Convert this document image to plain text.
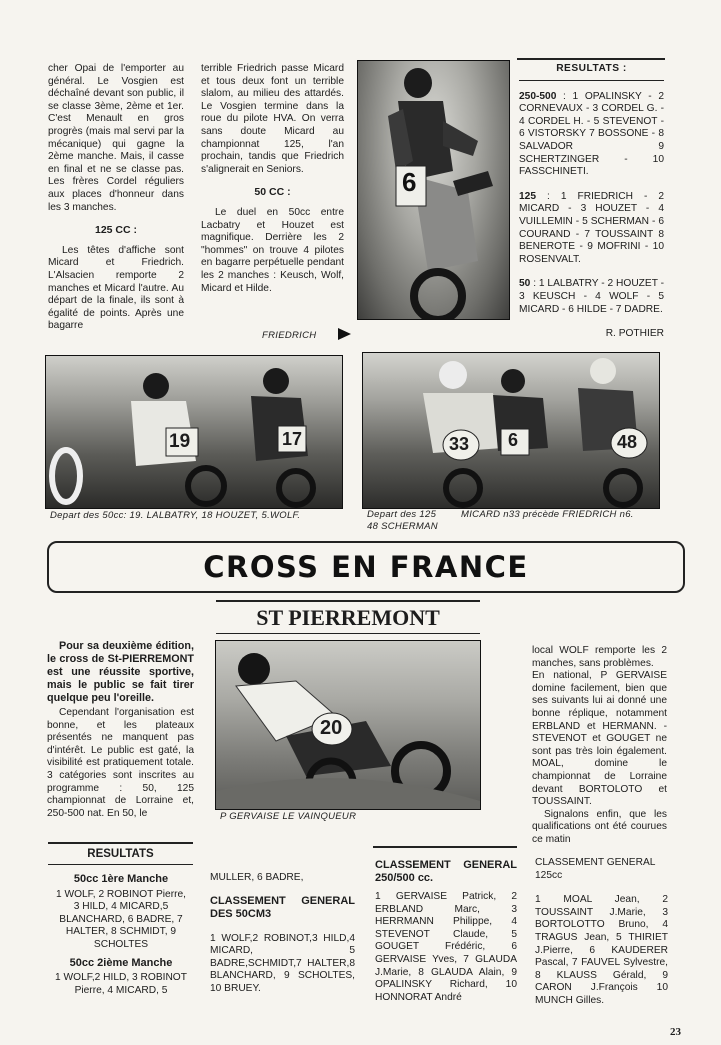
cher Opai de l'emporter au général. Le Vosgien est déchaîné devant son public, il se classe 3ème, 2ème et 1er. C'est Menault en gros progrès (mais mal servi par la mécanique) qui gagne la 2ème manche. Mais, il casse en final et ne se classe pas. Les frères Cordel réguliers aux places d'honneur dans les 3 manches.

125 CC :

Les têtes d'affiche sont Micard et Friedrich. L'Alsacien remporte 2 manches et Micard l'autre. Au départ de la finale, ils sont à égalité de points. Après une bagarre

terrible Friedrich passe Micard et tous deux font un terrible slalom, au milieu des attardés. Le Vosgien termine dans la roue du pilote HVA. On verra sans doute Micard au championnat 125, l'an prochain, tandis que Friedrich s'alignerait en Seniors.

50 CC :

Le duel en 50cc entre Lacbatry et Houzet est magnifique. Derrière les 2 "hommes" on trouve 4 pilotes en bagarre perpétuelle pendant les 2 manches : Keusch, Wolf, Micard et Hilde.

6
FRIEDRICH
RESULTATS :

250-500 : 1 OPALINSKY - 2 CORNEVAUX - 3 CORDEL G. - 4 CORDEL H. - 5 STEVENOT - 6 VISTORSKY 7 BOSSONE - 8 SALVADOR 9 SCHERTZINGER - 10 FASSCHINETI.

125 : 1 FRIEDRICH - 2 MICARD - 3 HOUZET - 4 VUILLEMIN - 5 SCHERMAN - 6 COURAND - 7 TOUSSAINT 8 BENEROTE - 9 MOFRINI - 10 ROSENVALT.

50 : 1 LALBATRY - 2 HOUZET - 3 KEUSCH - 4 WOLF - 5 MICARD - 6 HILDE - 7 DADRE.

R. POTHIER
19	17	33 6	48
Depart des 50cc: 19. LALBATRY, 18 HOUZET, 5.WOLF.	Depart des 125
48 SCHERMAN
MICARD n33 précède FRIEDRICH n6.
CROSS EN FRANCE
ST PIERREMONT

Pour sa deuxième édition, le cross de St-PIERREMONT est une réussite sportive, mais le public se fait tirer quelque peu l'oreille.

Cependant l'organisation est bonne, et les plateaux présentés ne manquent pas d'intérêt. Le public est gaté, la visibilité est pratiquement totale. 3 catégories sont inscrites au programme : 50, 125 championnat de Lorraine et, 250-500 nat. En 50, le

20
P GERVAISE LE VAINQUEUR

local WOLF remporte les 2 manches, sans problèmes.

En national, P GERVAISE domine facilement, bien que ses suivants lui ai donné une bonne réplique, notamment ERBLAND et HERMANN. - STEVENOT et GOUGET ne sont pas très loin également. MOAL, domine le championnat de Lorraine devant BORTOLOTO et TOUSSAINT.

Signalons enfin, que les qualifications ont été courues ce matin

RESULTATS
50cc 1ère Manche

1 WOLF, 2 ROBINOT Pierre, 3 HILD, 4 MICARD,5 BLANCHARD, 6 BADRE, 7 HALTER, 8 SCHMIDT, 9 SCHOLTES

50cc 2ième Manche

1 WOLF,2 HILD, 3 ROBINOT Pierre, 4 MICARD, 5

MULLER, 6 BADRE,

CLASSEMENT GENERAL DES 50CM3

1 WOLF,2 ROBINOT,3 HILD,4 MICARD, 5 BADRE,SCHMIDT,7 HALTER,8 BLANCHARD, 9 SCHOLTES, 10 BRUEY.

CLASSEMENT GENERAL 250/500 cc.

1 GERVAISE Patrick, 2 ERBLAND Marc, 3 HERRMANN Philippe, 4 STEVENOT Claude, 5 GOUGET Frédéric, 6 GERVAISE Yves, 7 GLAUDA J.Marie, 8 GLAUDA Alain, 9 OPALINSKY Richard, 10 HONNORAT André

CLASSEMENT GENERAL
125cc

1 MOAL Jean, 2 TOUSSAINT J.Marie, 3 BORTOLOTTO Bruno, 4 TRAGUS Jean, 5 THIRIET J.Pierre, 6 KAUDERER Pascal, 7 FAUVEL Sylvestre, 8 KLAUSS Gérald, 9 CARON J.François 10 MUNCH Gilles.

23
